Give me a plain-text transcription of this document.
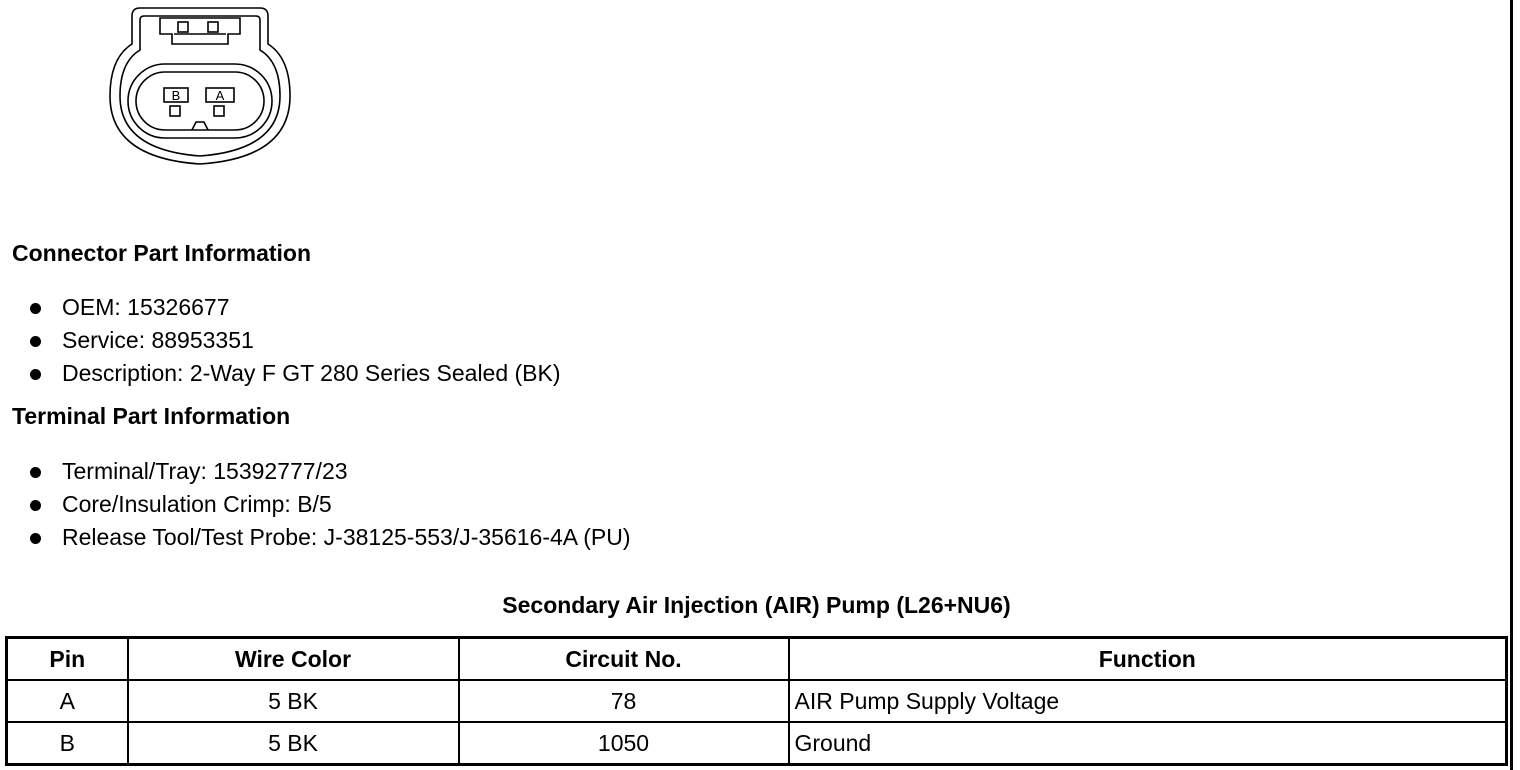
B	A
Connector Part Information
OEM: 15326677
Service: 88953351
Description: 2-Way F GT 280 Series Sealed (BK)
Terminal Part Information
Terminal/Tray: 15392777/23
Core/Insulation Crimp: B/5
Release Tool/Test Probe: J-38125-553/J-35616-4A (PU)
Secondary Air Injection (AIR) Pump (L26+NU6)
Pin	Wire Color	Circuit No.	Function
A	5 BK	78	AIR Pump Supply Voltage
B	5 BK	1050	Ground
